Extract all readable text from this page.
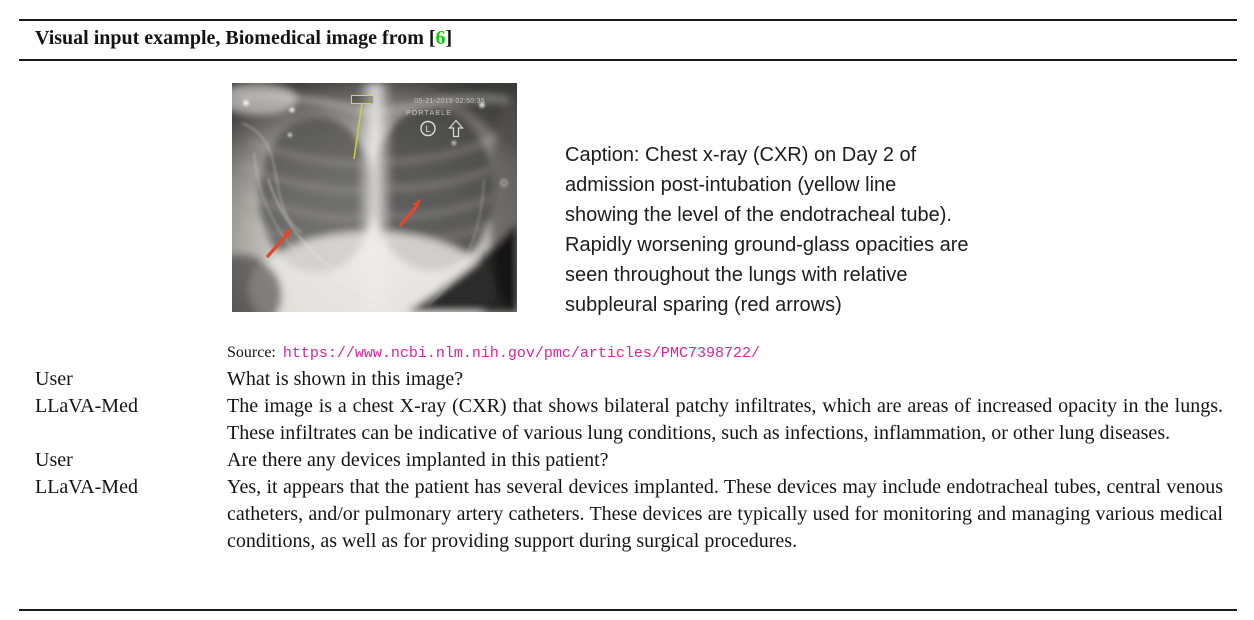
Visual input example, Biomedical image from [6]
05-21-2019 02:50:35
PORTABLE
L
Caption: Chest x-ray (CXR) on Day 2 of
admission post-intubation (yellow line
showing the level of the endotracheal tube).
Rapidly worsening ground-glass opacities are
seen throughout the lungs with relative
subpleural sparing (red arrows)
Source: https://www.ncbi.nlm.nih.gov/pmc/articles/PMC7398722/
User	What is shown in this image?
LLaVA-Med	The image is a chest X-ray (CXR) that shows bilateral patchy infiltrates, which are areas of increased opacity in the lungs. These infiltrates can be indicative of various lung conditions, such as infections, inflammation, or other lung diseases.
User	Are there any devices implanted in this patient?
LLaVA-Med	Yes, it appears that the patient has several devices implanted. These devices may include endotracheal tubes, central venous catheters, and/or pulmonary artery catheters. These devices are typically used for monitoring and managing various medical conditions, as well as for providing support during surgical procedures.
